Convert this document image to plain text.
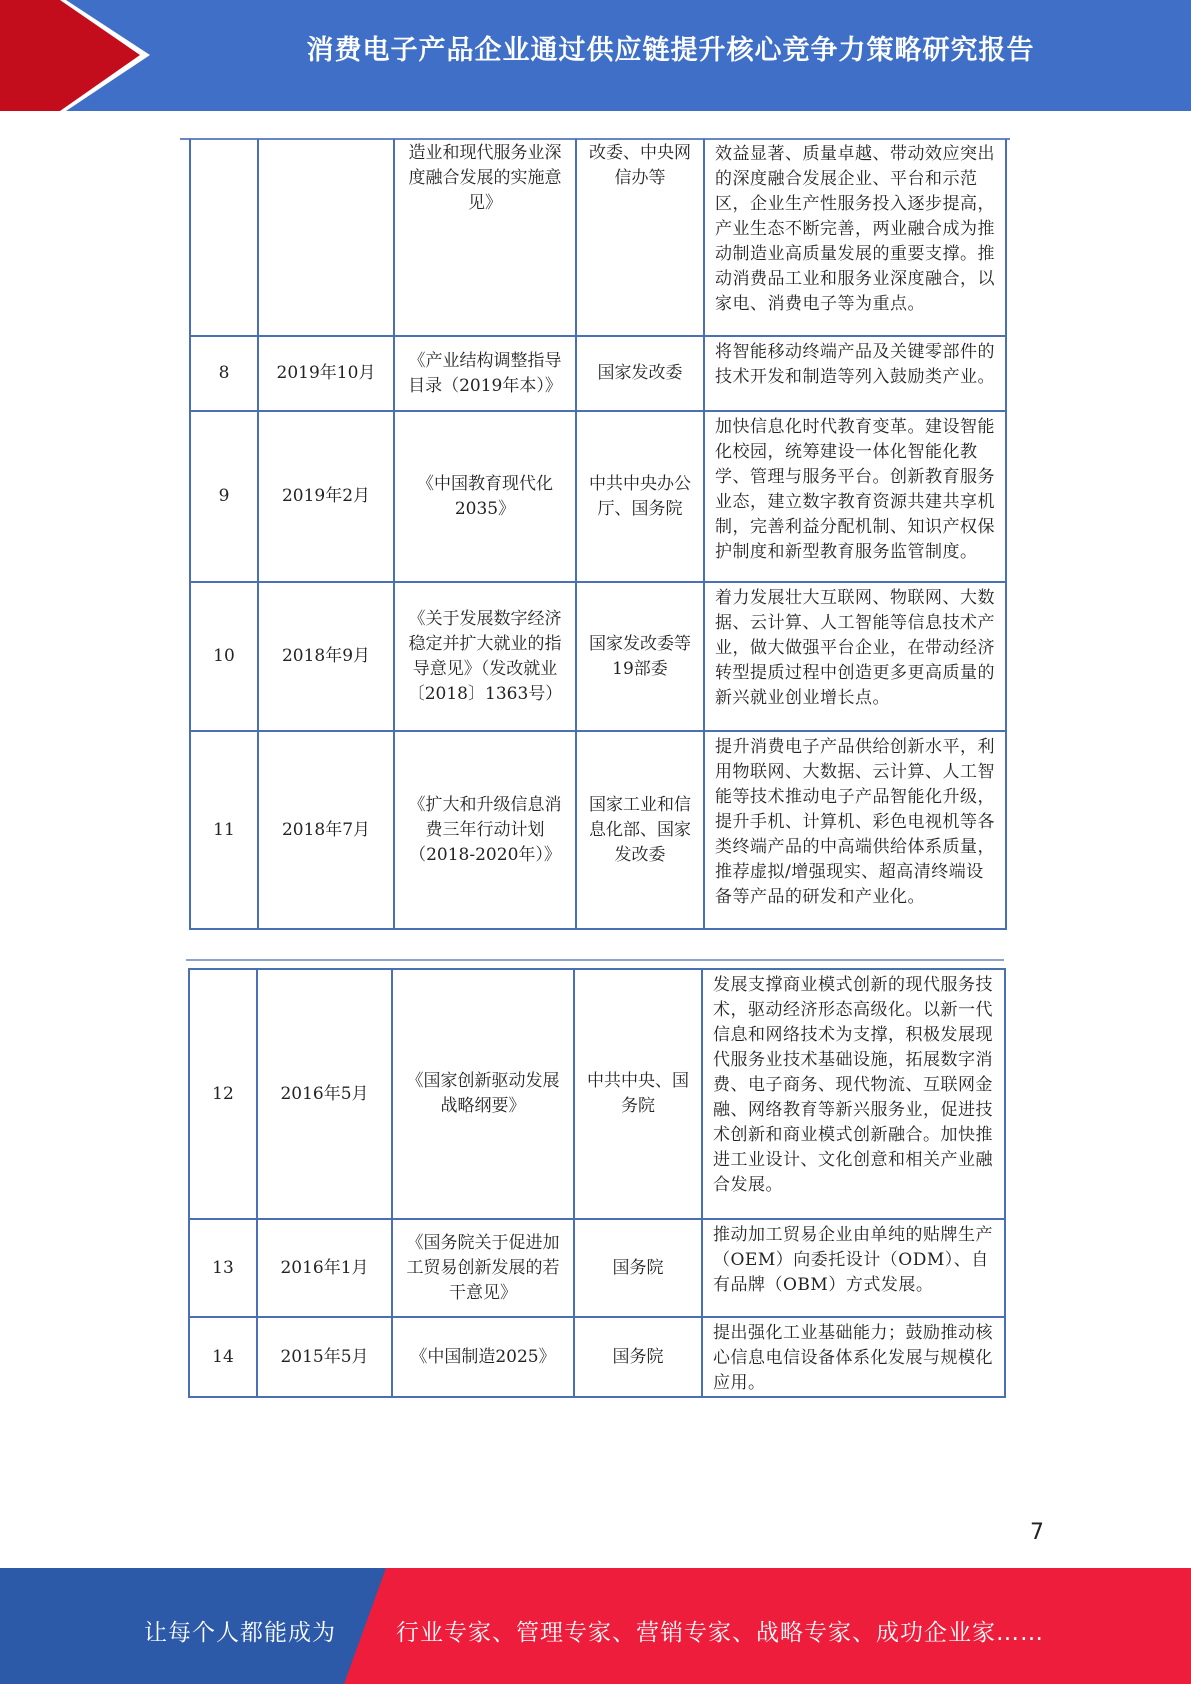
消费电子产品企业通过供应链提升核心竞争力策略研究报告
		造业和现代服务业深度融合发展的实施意见》	改委、中央网信办等	效益显著、质量卓越、带动效应突出的深度融合发展企业、平台和示范区，企业生产性服务投入逐步提高，产业生态不断完善，两业融合成为推动制造业高质量发展的重要支撑。推动消费品工业和服务业深度融合，以家电、消费电子等为重点。
8	2019年10月	《产业结构调整指导目录（2019年本）》	国家发改委	将智能移动终端产品及关键零部件的技术开发和制造等列入鼓励类产业。
9	2019年2月	《中国教育现代化2035》	中共中央办公厅、国务院	加快信息化时代教育变革。建设智能化校园，统筹建设一体化智能化教学、管理与服务平台。创新教育服务业态，建立数字教育资源共建共享机制，完善利益分配机制、知识产权保护制度和新型教育服务监管制度。
10	2018年9月	《关于发展数字经济稳定并扩大就业的指导意见》（发改就业〔2018〕1363号）	国家发改委等19部委	着力发展壮大互联网、物联网、大数据、云计算、人工智能等信息技术产业，做大做强平台企业，在带动经济转型提质过程中创造更多更高质量的新兴就业创业增长点。
11	2018年7月	《扩大和升级信息消费三年行动计划（2018-2020年）》	国家工业和信息化部、国家发改委	提升消费电子产品供给创新水平，利用物联网、大数据、云计算、人工智能等技术推动电子产品智能化升级，提升手机、计算机、彩色电视机等各类终端产品的中高端供给体系质量，推荐虚拟/增强现实、超高清终端设备等产品的研发和产业化。
12	2016年5月	《国家创新驱动发展战略纲要》	中共中央、国务院	发展支撑商业模式创新的现代服务技术，驱动经济形态高级化。以新一代信息和网络技术为支撑，积极发展现代服务业技术基础设施，拓展数字消费、电子商务、现代物流、互联网金融、网络教育等新兴服务业，促进技术创新和商业模式创新融合。加快推进工业设计、文化创意和相关产业融合发展。
13	2016年1月	《国务院关于促进加工贸易创新发展的若干意见》	国务院	推动加工贸易企业由单纯的贴牌生产（OEM）向委托设计（ODM）、自有品牌（OBM）方式发展。
14	2015年5月	《中国制造2025》	国务院	提出强化工业基础能力；鼓励推动核心信息电信设备体系化发展与规模化应用。
7
让每个人都能成为	行业专家、管理专家、营销专家、战略专家、成功企业家……
